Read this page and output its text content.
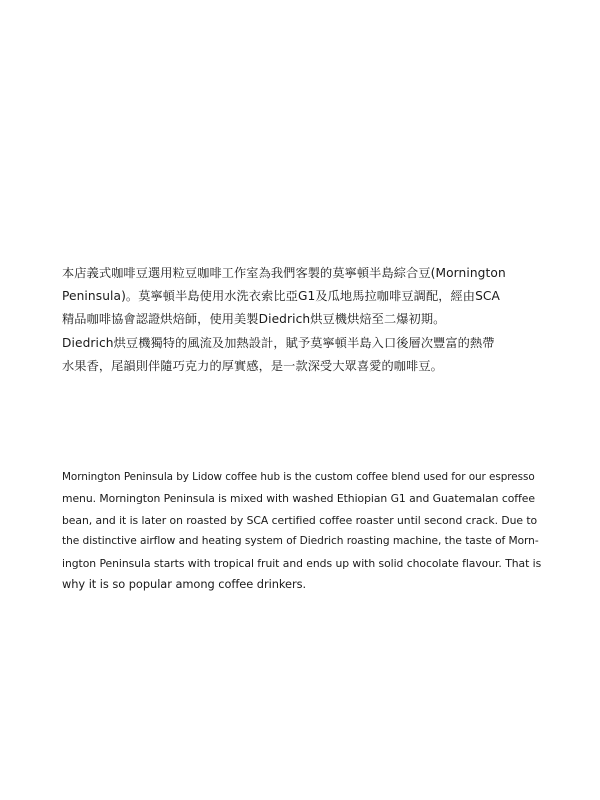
本店義式咖啡豆選用粒豆咖啡工作室為我們客製的莫寧頓半島綜合豆(Mornington
Peninsula)。莫寧頓半島使用水洗衣索比亞G1及瓜地馬拉咖啡豆調配，經由SCA
精品咖啡協會認證烘焙師，使用美製Diedrich烘豆機烘焙至二爆初期。

Diedrich烘豆機獨特的風流及加熱設計，賦予莫寧頓半島入口後層次豐富的熱帶
水果香，尾韻則伴隨巧克力的厚實感，是一款深受大眾喜愛的咖啡豆。

Mornington Peninsula by Lidow coffee hub is the custom coffee blend used for our espresso
menu. Mornington Peninsula is mixed with washed Ethiopian G1 and Guatemalan coffee
bean, and it is later on roasted by SCA certified coffee roaster until second crack. Due to
the distinctive airflow and heating system of Diedrich roasting machine, the taste of Morn-
ington Peninsula starts with tropical fruit and ends up with solid chocolate flavour. That is
why it is so popular among coffee drinkers.
